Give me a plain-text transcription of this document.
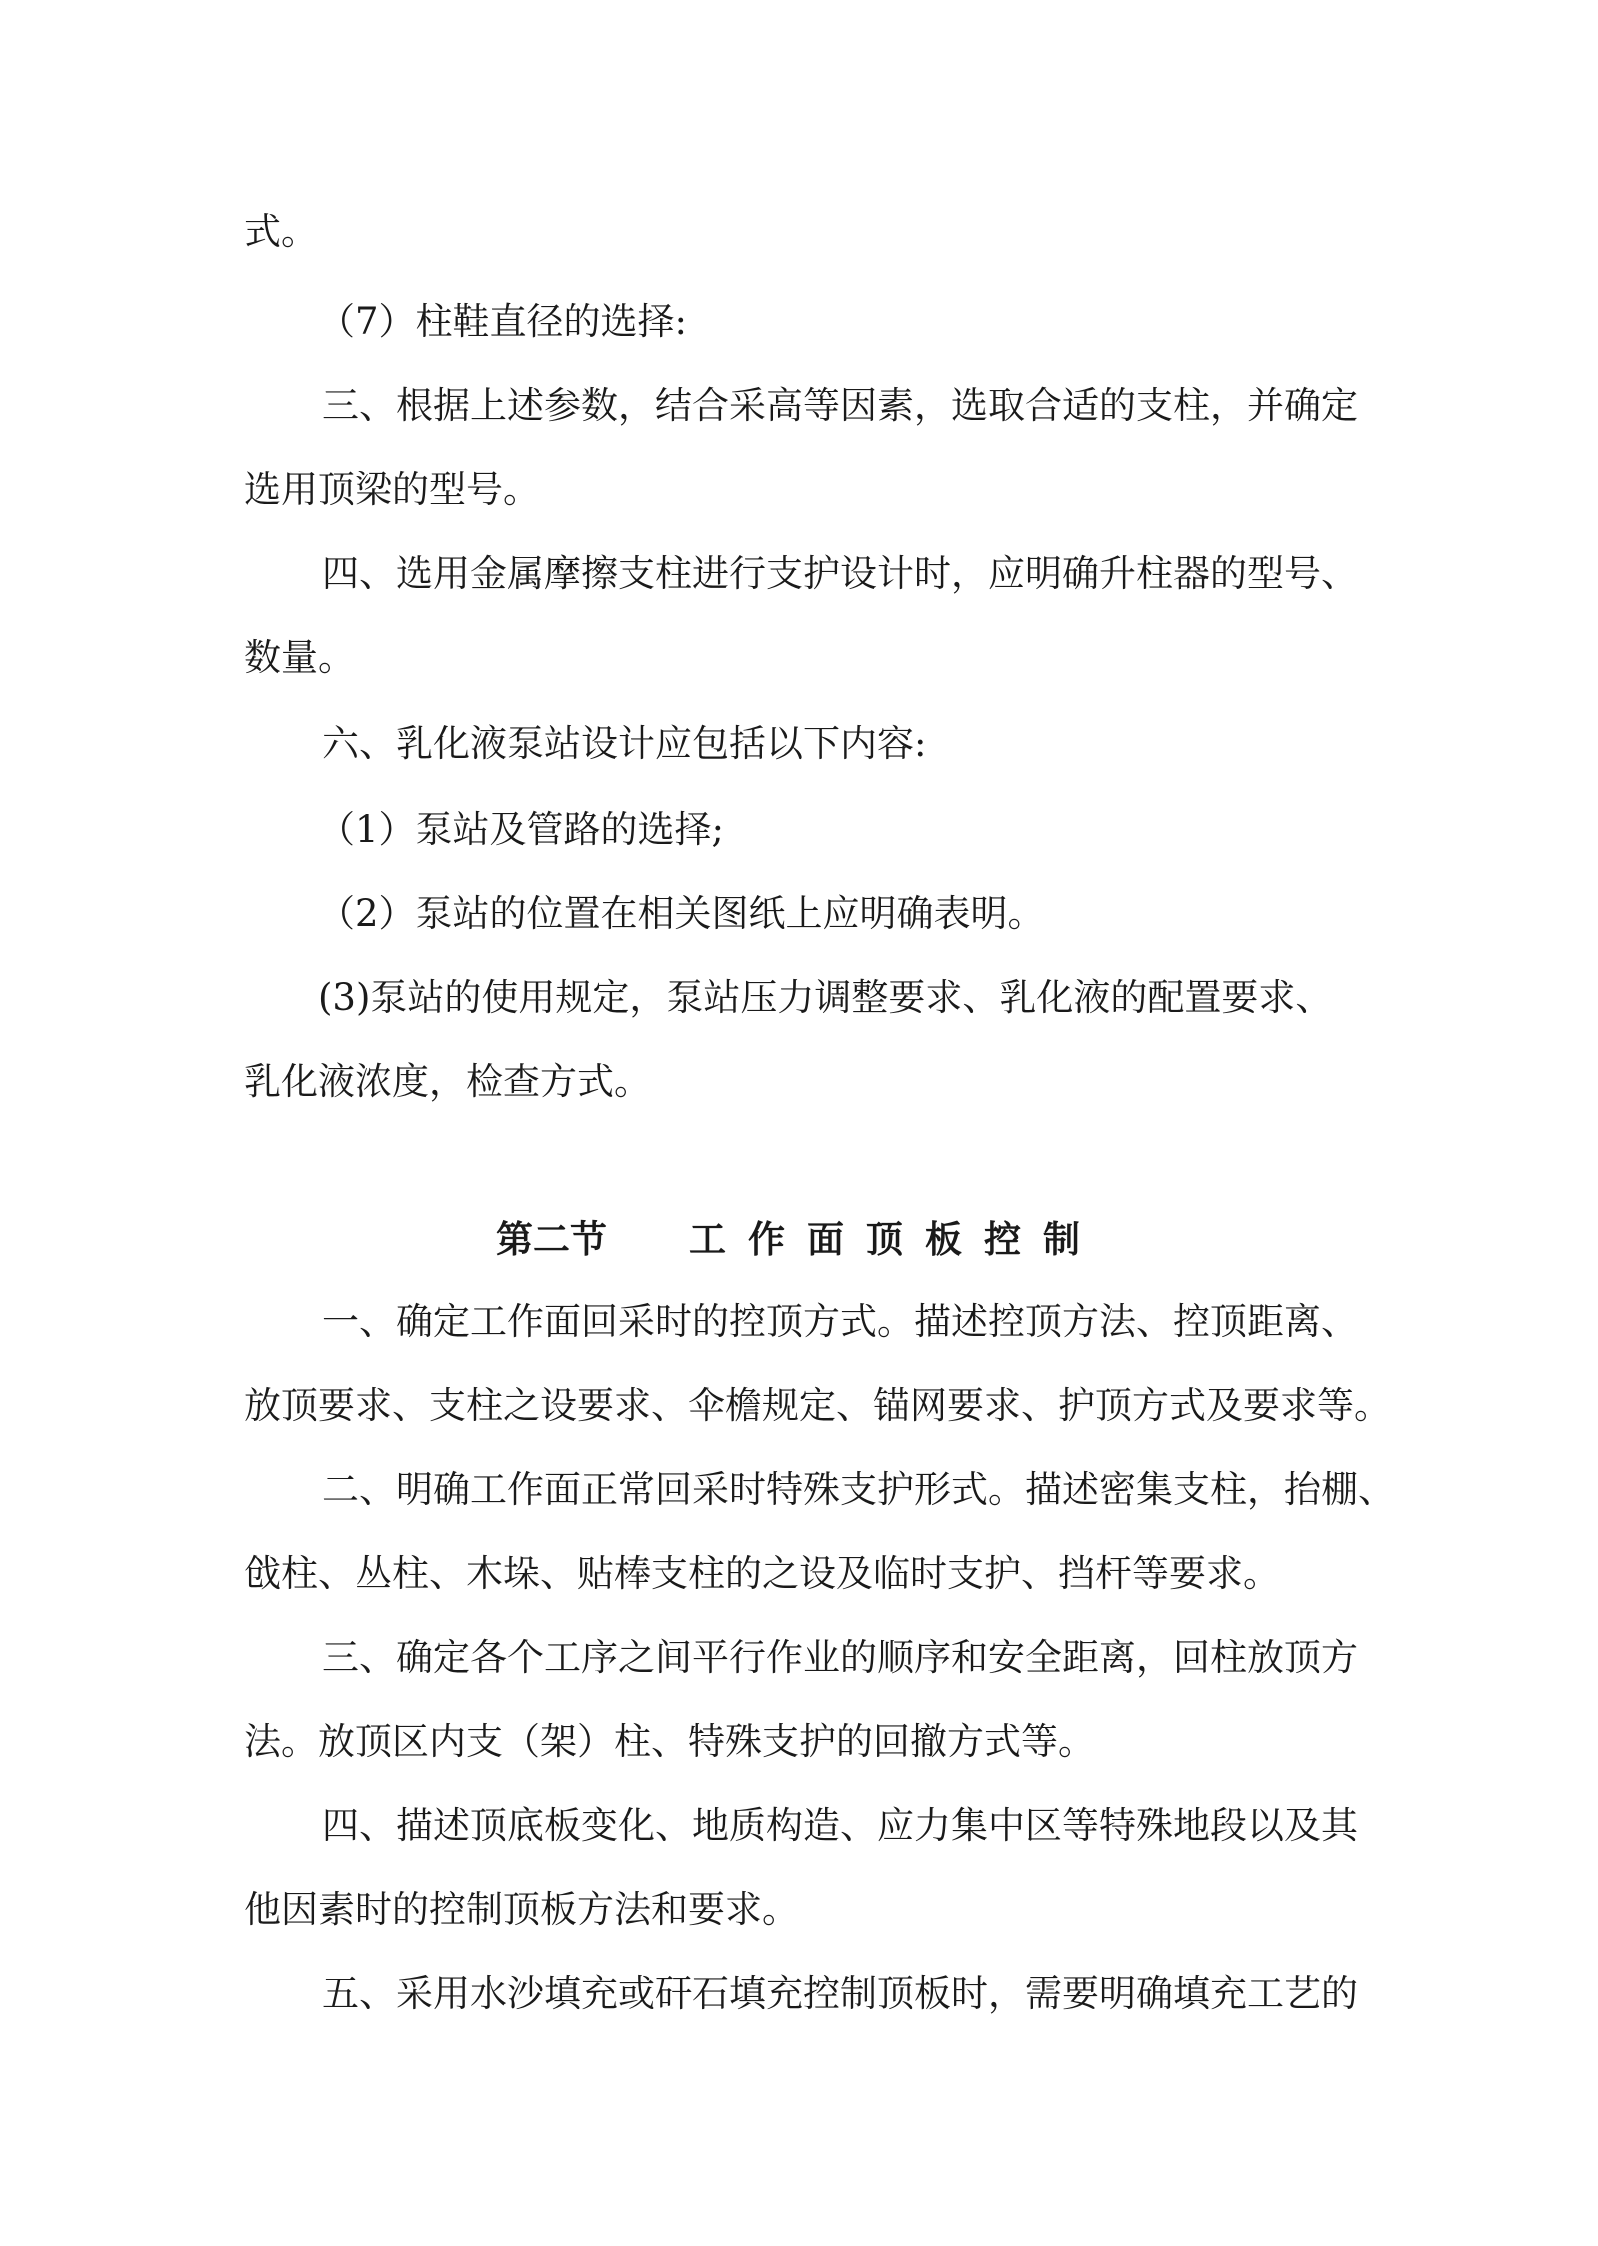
式。
（7）柱鞋直径的选择:
三、根据上述参数，结合采高等因素，选取合适的支柱，并确定
选用顶梁的型号。
四、选用金属摩擦支柱进行支护设计时，应明确升柱器的型号、
数量。
六、乳化液泵站设计应包括以下内容:
（1）泵站及管路的选择;
（2）泵站的位置在相关图纸上应明确表明。
(3)泵站的使用规定，泵站压力调整要求、乳化液的配置要求、
乳化液浓度，检查方式。
第二节 工作面顶板控制
一、确定工作面回采时的控顶方式。描述控顶方法、控顶距离、
放顶要求、支柱之设要求、伞檐规定、锚网要求、护顶方式及要求等。
二、明确工作面正常回采时特殊支护形式。描述密集支柱，抬棚、
戗柱、丛柱、木垛、贴棒支柱的之设及临时支护、挡杆等要求。
三、确定各个工序之间平行作业的顺序和安全距离，回柱放顶方
法。放顶区内支（架）柱、特殊支护的回撤方式等。
四、描述顶底板变化、地质构造、应力集中区等特殊地段以及其
他因素时的控制顶板方法和要求。
五、采用水沙填充或矸石填充控制顶板时，需要明确填充工艺的
